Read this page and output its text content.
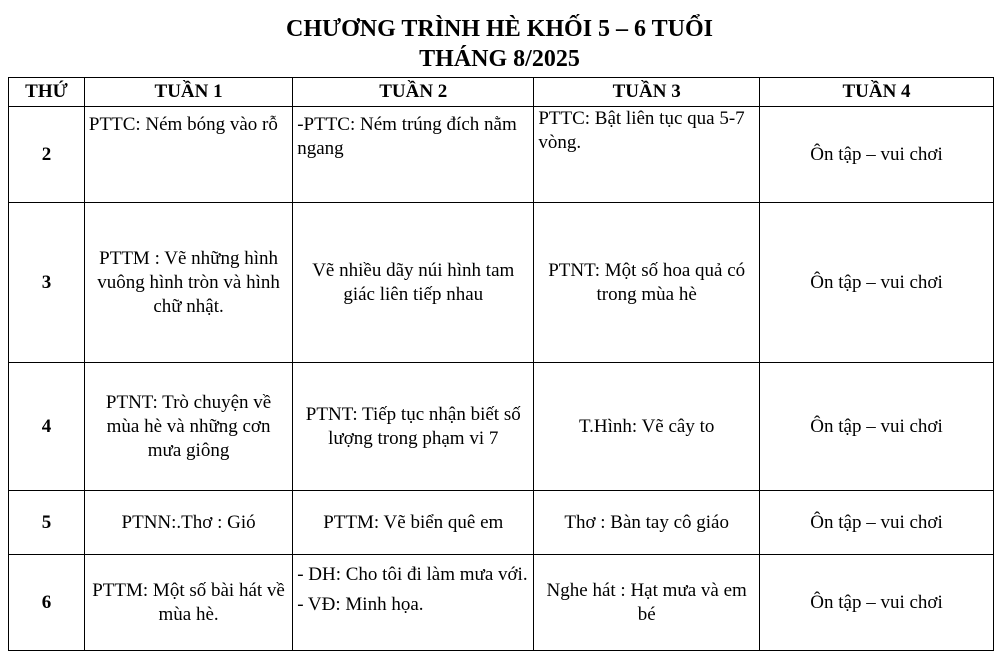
CHƯƠNG TRÌNH HÈ KHỐI 5 – 6 TUỔI
THÁNG 8/2025
THỨ	TUẦN 1	TUẦN 2	TUẦN 3	TUẦN 4
2	PTTC: Ném bóng vào rỗ	-PTTC: Ném trúng đích nằm ngang	PTTC: Bật liên tục qua 5-7 vòng.	Ôn tập – vui chơi
3	PTTM : Vẽ những hình vuông hình tròn và hình chữ nhật.	Vẽ nhiều dãy núi hình tam giác liên tiếp nhau	PTNT: Một số hoa quả có trong mùa hè	Ôn tập – vui chơi
4	PTNT: Trò chuyện về mùa hè và những cơn mưa giông	PTNT: Tiếp tục nhận biết số lượng trong phạm vi 7	T.Hình: Vẽ cây to	Ôn tập – vui chơi
5	PTNN:.Thơ : Gió	PTTM: Vẽ biển quê em	Thơ : Bàn tay cô giáo	Ôn tập – vui chơi
6	PTTM: Một số bài hát về mùa hè.	- DH: Cho tôi đi làm mưa với.
- VĐ: Minh họa.	Nghe hát : Hạt mưa và em bé	Ôn tập – vui chơi
